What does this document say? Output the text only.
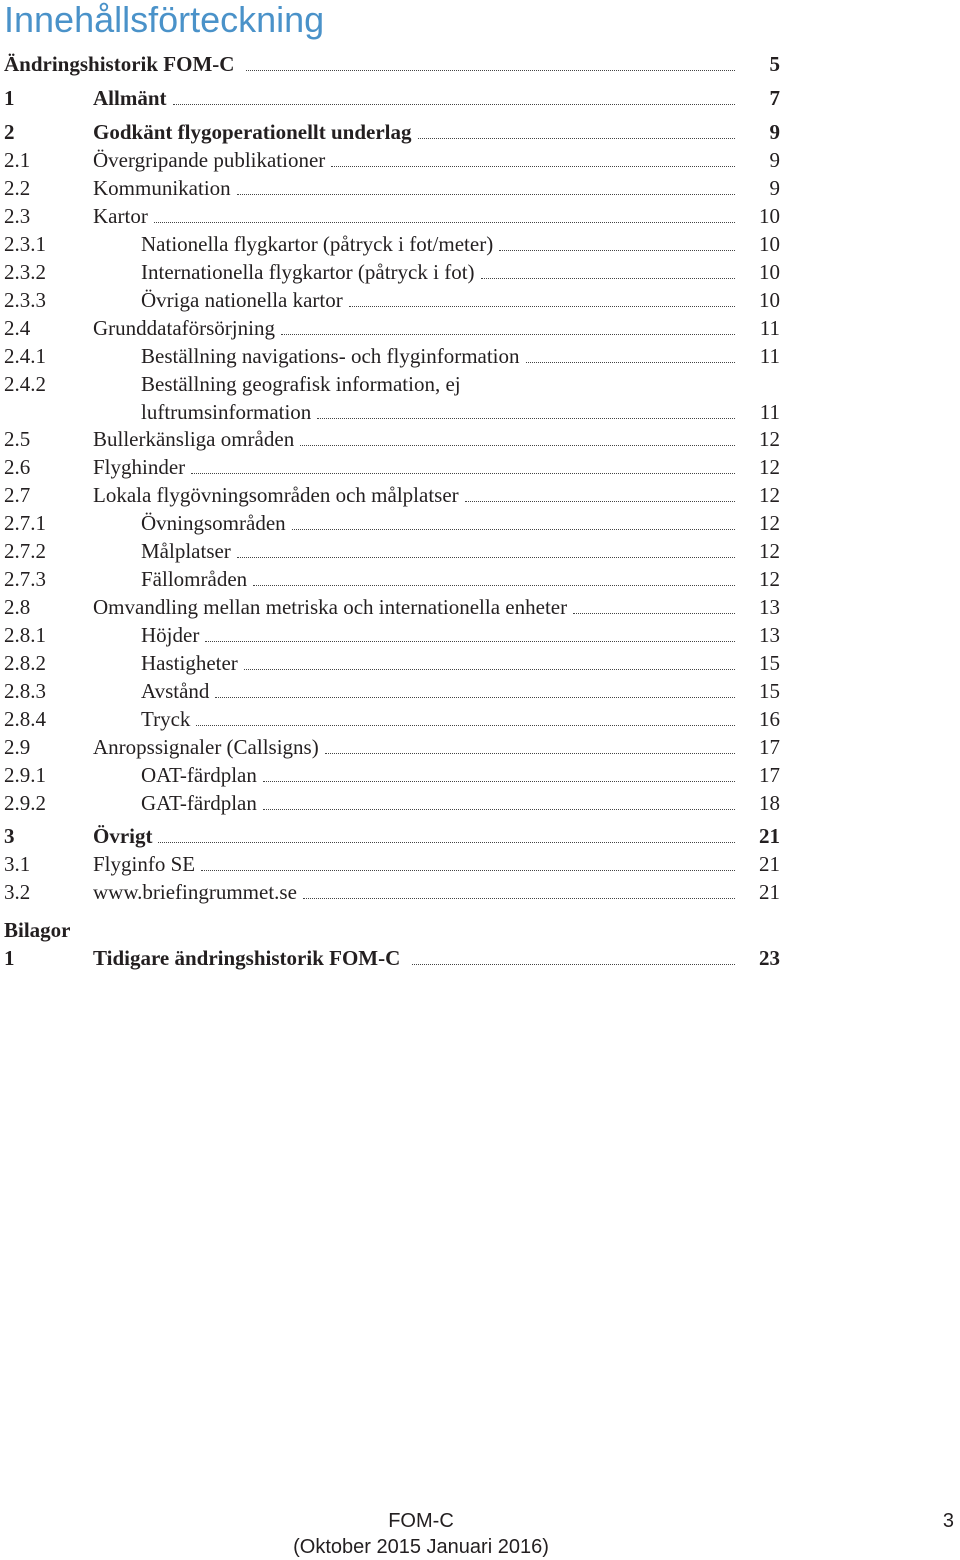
Innehållsförteckning
Ändringshistorik FOM-C	5
1	Allmänt	7
2	Godkänt flygoperationellt underlag	9
2.1	Övergripande publikationer	9
2.2	Kommunikation	9
2.3	Kartor	10
2.3.1	Nationella flygkartor (påtryck i fot/meter)	10
2.3.2	Internationella flygkartor (påtryck i fot)	10
2.3.3	Övriga nationella kartor	10
2.4	Grunddataförsörjning	11
2.4.1	Beställning navigations- och flyginformation	11
2.4.2	Beställning geografisk information, ej
luftrumsinformation	11
2.5	Bullerkänsliga områden	12
2.6	Flyghinder	12
2.7	Lokala flygövningsområden och målplatser	12
2.7.1	Övningsområden	12
2.7.2	Målplatser	12
2.7.3	Fällområden	12
2.8	Omvandling mellan metriska och internationella enheter	13
2.8.1	Höjder	13
2.8.2	Hastigheter	15
2.8.3	Avstånd	15
2.8.4	Tryck	16
2.9	Anropssignaler (Callsigns)	17
2.9.1	OAT-färdplan	17
2.9.2	GAT-färdplan	18
3	Övrigt	21
3.1	Flyginfo SE	21
3.2	www.briefingrummet.se	21
Bilagor
1	Tidigare ändringshistorik FOM-C	23
FOM-C
(Oktober 2015 Januari 2016)
3
